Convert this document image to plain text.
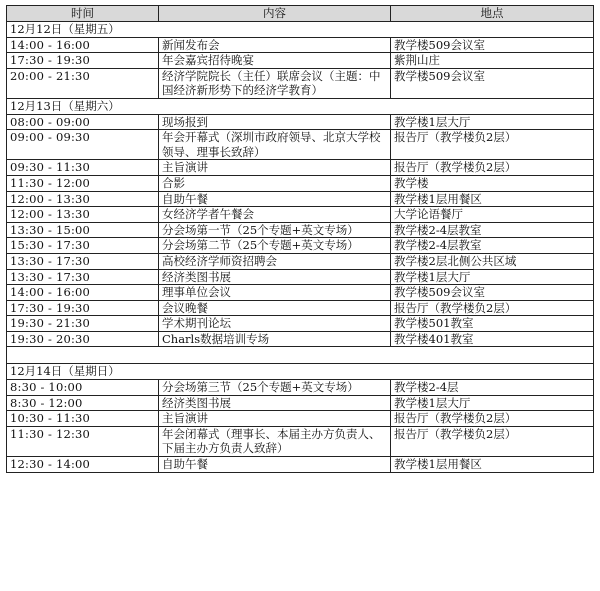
时间	内容	地点
12月12日（星期五）		
14:00 - 16:00	新闻发布会	教学楼509会议室
17:30 - 19:30	年会嘉宾招待晚宴	紫荆山庄
20:00 - 21:30	经济学院院长（主任）联席会议（主题：中国经济新形势下的经济学教育）	教学楼509会议室
12月13日（星期六）		
08:00 - 09:00	现场报到	教学楼1层大厅
09:00 - 09:30	年会开幕式（深圳市政府领导、北京大学校领导、理事长致辞）	报告厅（教学楼负2层）
09:30 - 11:30	主旨演讲	报告厅（教学楼负2层）
11:30 - 12:00	合影	教学楼
12:00 - 13:30	自助午餐	教学楼1层用餐区
12:00 - 13:30	女经济学者午餐会	大学论语餐厅
13:30 - 15:00	分会场第一节（25个专题+英文专场）	教学楼2-4层教室
15:30 - 17:30	分会场第二节（25个专题+英文专场）	教学楼2-4层教室
13:30 - 17:30	高校经济学师资招聘会	教学楼2层北侧公共区域
13:30 - 17:30	经济类图书展	教学楼1层大厅
14:00 - 16:00	理事单位会议	教学楼509会议室
17:30 - 19:30	会议晚餐	报告厅（教学楼负2层）
19:30 - 21:30	学术期刊论坛	教学楼501教室
19:30 - 20:30	Charls数据培训专场	教学楼401教室

12月14日（星期日）		
8:30 - 10:00	分会场第三节（25个专题+英文专场）	教学楼2-4层
8:30 - 12:00	经济类图书展	教学楼1层大厅
10:30 - 11:30	主旨演讲	报告厅（教学楼负2层）
11:30 - 12:30	年会闭幕式（理事长、本届主办方负责人、下届主办方负责人致辞）	报告厅（教学楼负2层）
12:30 - 14:00	自助午餐	教学楼1层用餐区
